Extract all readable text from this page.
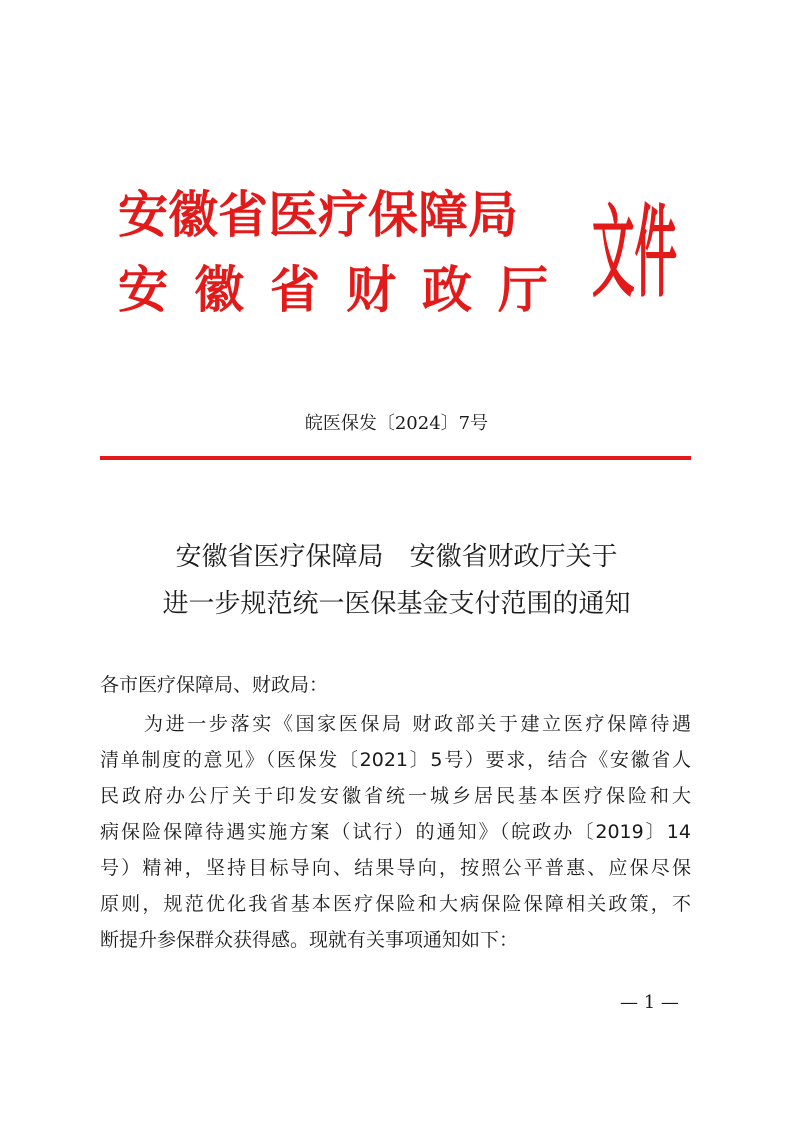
安徽省医疗保障局
安徽省财政厅 文件
皖医保发〔2024〕7号
安徽省医疗保障局　安徽省财政厅关于
进一步规范统一医保基金支付范围的通知
各市医疗保障局、财政局：
为进一步落实《国家医保局 财政部关于建立医疗保障待遇
清单制度的意见》（医保发〔2021〕5号）要求，结合《安徽省人
民政府办公厅关于印发安徽省统一城乡居民基本医疗保险和大
病保险保障待遇实施方案（试行）的通知》（皖政办〔2019〕14
号）精神，坚持目标导向、结果导向，按照公平普惠、应保尽保
原则，规范优化我省基本医疗保险和大病保险保障相关政策，不
断提升参保群众获得感。现就有关事项通知如下：
— 1 —
